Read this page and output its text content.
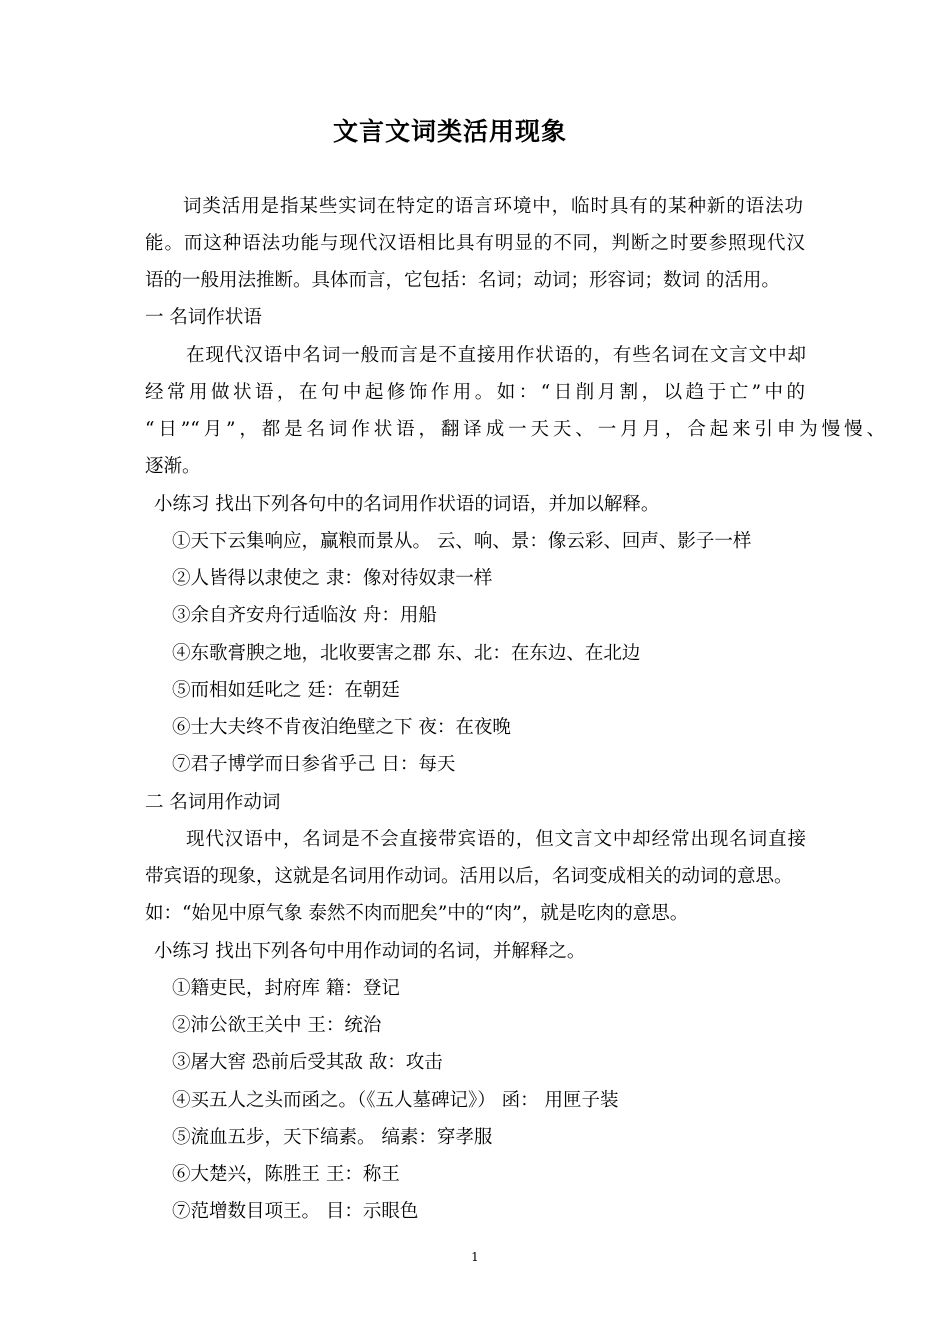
文言文词类活用现象
词类活用是指某些实词在特定的语言环境中，临时具有的某种新的语法功
能。而这种语法功能与现代汉语相比具有明显的不同，判断之时要参照现代汉
语的一般用法推断。具体而言，它包括：名词；动词；形容词；数词 的活用。
一 名词作状语
在现代汉语中名词一般而言是不直接用作状语的，有些名词在文言文中却
经常用做状语，在句中起修饰作用。如：“日削月割，以趋于亡”中的
“日”“月”，都是名词作状语，翻译成一天天、一月月，合起来引申为慢慢、
逐渐。
小练习 找出下列各句中的名词用作状语的词语，并加以解释。
①天下云集响应，赢粮而景从。 云、响、景：像云彩、回声、影子一样
②人皆得以隶使之 隶：像对待奴隶一样
③余自齐安舟行适临汝 舟：用船
④东歌膏腴之地，北收要害之郡 东、北：在东边、在北边
⑤而相如廷叱之 廷：在朝廷
⑥士大夫终不肯夜泊绝壁之下 夜：在夜晚
⑦君子博学而日参省乎己 日：每天
二 名词用作动词
现代汉语中，名词是不会直接带宾语的，但文言文中却经常出现名词直接
带宾语的现象，这就是名词用作动词。活用以后，名词变成相关的动词的意思。
如：“始见中原气象 泰然不肉而肥矣”中的“肉”，就是吃肉的意思。
小练习 找出下列各句中用作动词的名词，并解释之。
①籍吏民，封府库 籍：登记
②沛公欲王关中 王：统治
③屠大窖 恐前后受其敌 敌：攻击
④买五人之头而函之。（《五人墓碑记》） 函： 用匣子装
⑤流血五步，天下缟素。 缟素：穿孝服
⑥大楚兴，陈胜王 王：称王
⑦范增数目项王。 目：示眼色
1
